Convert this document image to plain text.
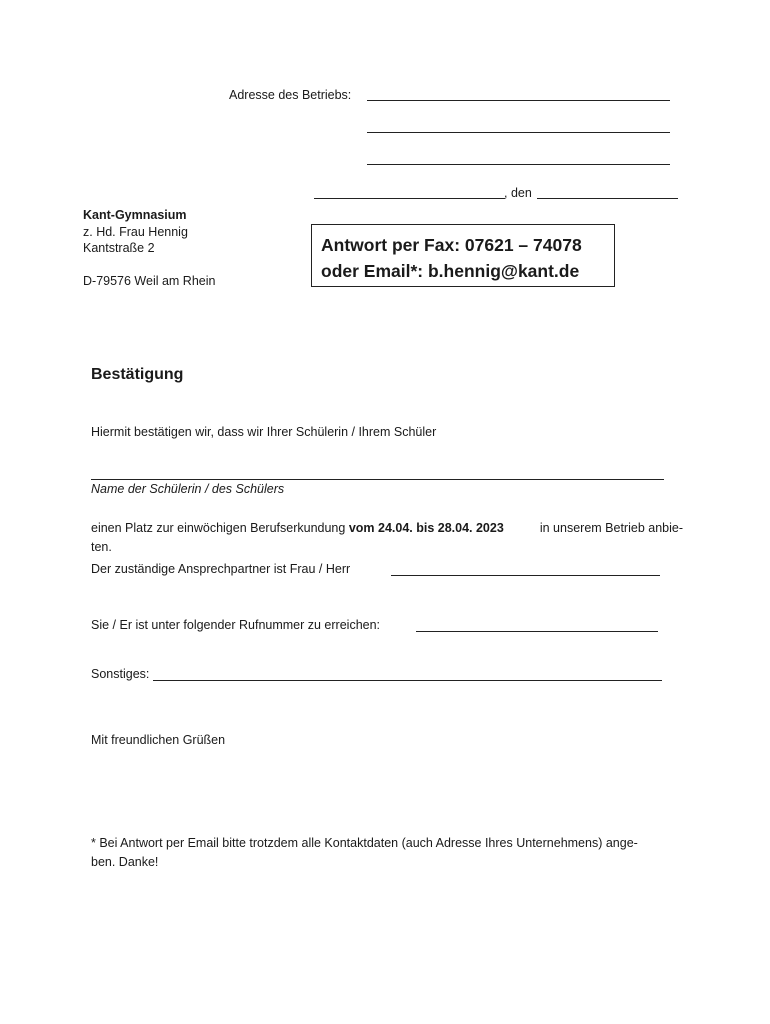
Adresse des Betriebs:
, den
Kant-Gymnasium
z. Hd. Frau Hennig
Kantstraße 2
D-79576 Weil am Rhein
Antwort per Fax: 07621 – 74078
oder Email*: b.hennig@kant.de
Bestätigung
Hiermit bestätigen wir, dass wir Ihrer Schülerin / Ihrem Schüler
Name der Schülerin / des Schülers
einen Platz zur einwöchigen Berufserkundung vom 24.04. bis 28.04. 2023	in unserem Betrieb anbie-
ten.
Der zuständige Ansprechpartner ist Frau / Herr
Sie / Er ist unter folgender Rufnummer zu erreichen:
Sonstiges:
Mit freundlichen Grüßen
* Bei Antwort per Email bitte trotzdem alle Kontaktdaten (auch Adresse Ihres Unternehmens) ange-
ben. Danke!
